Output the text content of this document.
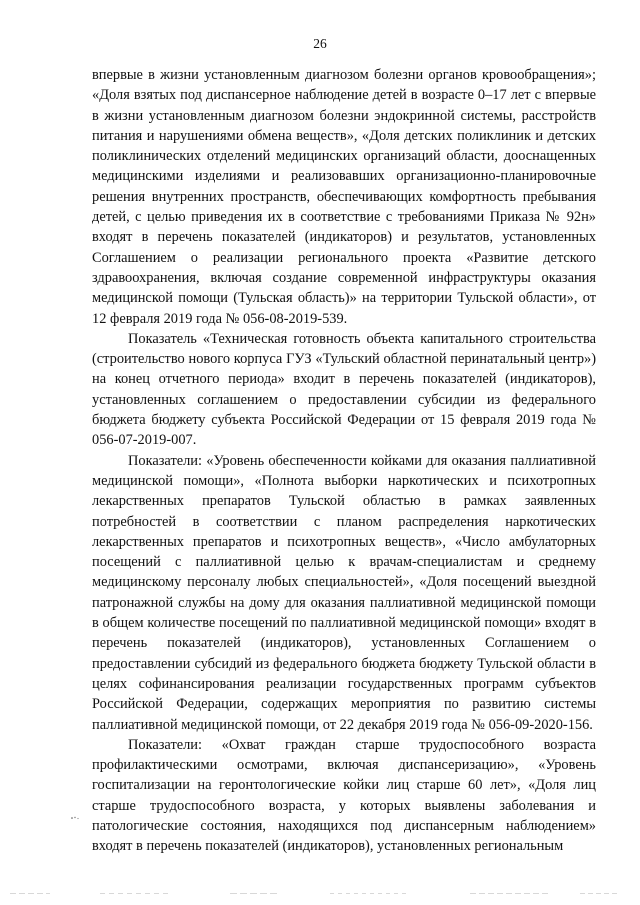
26

впервые в жизни установленным диагнозом болезни органов кровообращения»; «Доля взятых под диспансерное наблюдение детей в возрасте 0–17 лет с впервые в жизни установленным диагнозом болезни эндокринной системы, расстройств питания и нарушениями обмена веществ», «Доля детских поликлиник и детских поликлинических отделений медицинских организаций области, дооснащенных медицинскими изделиями и реализовавших организационно-планировочные решения внутренних пространств, обеспечивающих комфортность пребывания детей, с целью приведения их в соответствие с требованиями Приказа № 92н» входят в перечень показателей (индикаторов) и результатов, установленных Соглашением о реализации регионального проекта «Развитие детского здравоохранения, включая создание современной инфраструктуры оказания медицинской помощи (Тульская область)» на территории Тульской области», от 12 февраля 2019 года № 056-08-2019-539.

Показатель «Техническая готовность объекта капитального строительства (строительство нового корпуса ГУЗ «Тульский областной перинатальный центр») на конец отчетного периода» входит в перечень показателей (индикаторов), установленных соглашением о предоставлении субсидии из федерального бюджета бюджету субъекта Российской Федерации от 15 февраля 2019 года № 056-07-2019-007.

Показатели: «Уровень обеспеченности койками для оказания паллиативной медицинской помощи», «Полнота выборки наркотических и психотропных лекарственных препаратов Тульской областью в рамках заявленных потребностей в соответствии с планом распределения наркотических лекарственных препаратов и психотропных веществ», «Число амбулаторных посещений с паллиативной целью к врачам-специалистам и среднему медицинскому персоналу любых специальностей», «Доля посещений выездной патронажной службы на дому для оказания паллиативной медицинской помощи в общем количестве посещений по паллиативной медицинской помощи» входят в перечень показателей (индикаторов), установленных Соглашением о предоставлении субсидий из федерального бюджета бюджету Тульской области в целях софинансирования реализации государственных программ субъектов Российской Федерации, содержащих мероприятия по развитию системы паллиативной медицинской помощи, от 22 декабря 2019 года № 056-09-2020-156.

Показатели: «Охват граждан старше трудоспособного возраста профилактическими осмотрами, включая диспансеризацию», «Уровень госпитализации на геронтологические койки лиц старше 60 лет», «Доля лиц старше трудоспособного возраста, у которых выявлены заболевания и патологические состояния, находящихся под диспансерным наблюдением» входят в перечень показателей (индикаторов), установленных региональным
